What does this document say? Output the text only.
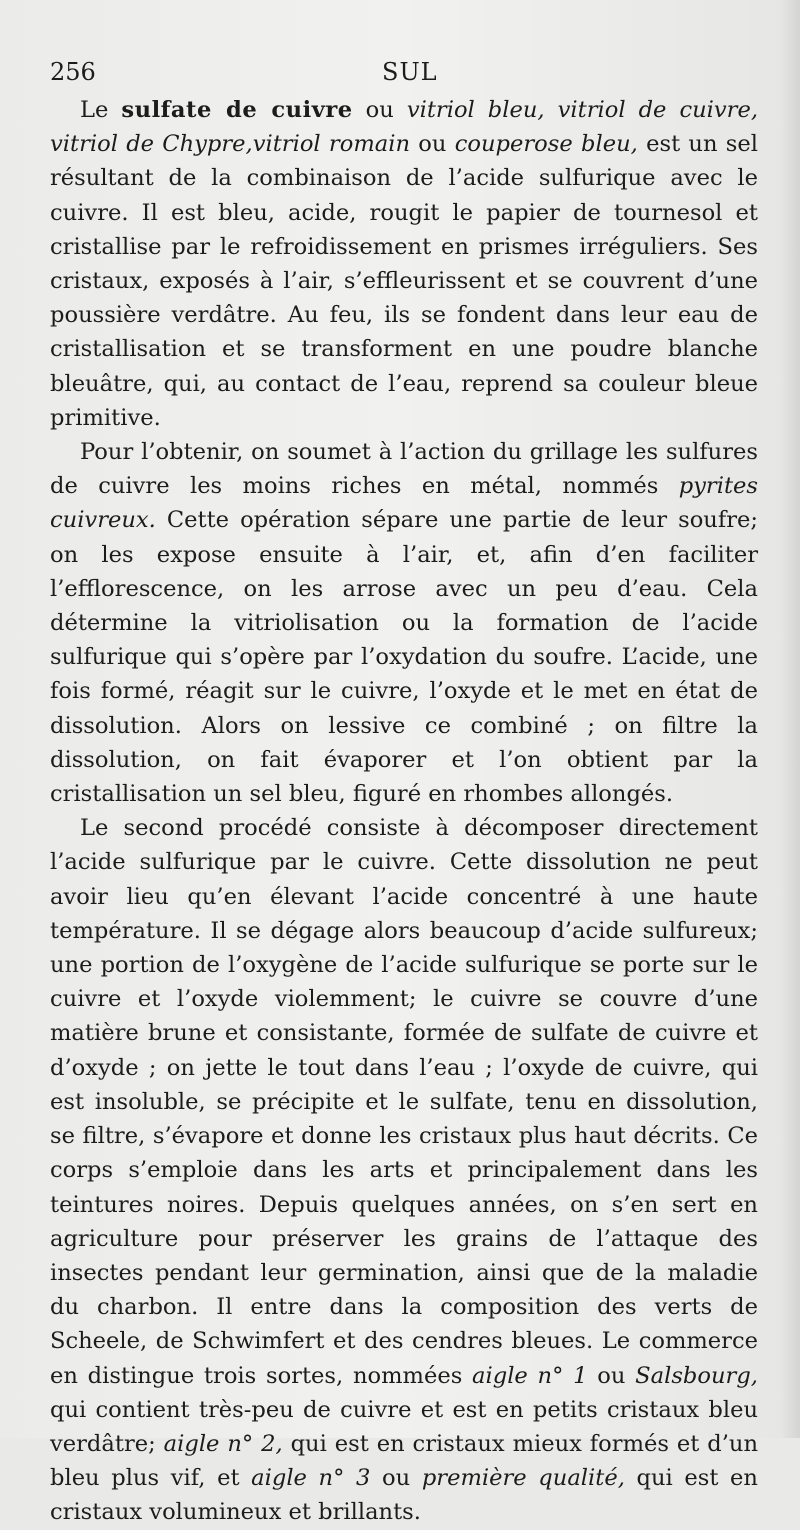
256	SUL

Le sulfate de cuivre ou vitriol bleu, vitriol de cuivre, vitriol de Chypre,vitriol romain ou couperose bleu, est un sel résultant de la combinaison de l’acide sulfurique avec le cuivre. Il est bleu, acide, rougit le papier de tournesol et cristallise par le refroidissement en prismes irréguliers. Ses cristaux, exposés à l’air, s’effleurissent et se couvrent d’une poussière verdâtre. Au feu, ils se fondent dans leur eau de cristallisation et se transforment en une poudre blanche bleuâtre, qui, au contact de l’eau, reprend sa couleur bleue primitive.

Pour l’obtenir, on soumet à l’action du grillage les sulfures de cuivre les moins riches en métal, nommés pyrites cuivreux. Cette opération sépare une partie de leur soufre; on les expose ensuite à l’air, et, afin d’en faciliter l’efflorescence, on les arrose avec un peu d’eau. Cela détermine la vitriolisation ou la formation de l’acide sulfurique qui s’opère par l’oxydation du soufre. L’acide, une fois formé, réagit sur le cuivre, l’oxyde et le met en état de dissolution. Alors on lessive ce combiné ; on filtre la dissolution, on fait évaporer et l’on obtient par la cristallisation un sel bleu, figuré en rhombes allongés.

Le second procédé consiste à décomposer directement l’acide sulfurique par le cuivre. Cette dissolution ne peut avoir lieu qu’en élevant l’acide concentré à une haute température. Il se dégage alors beaucoup d’acide sulfureux; une portion de l’oxygène de l’acide sulfurique se porte sur le cuivre et l’oxyde violemment; le cuivre se couvre d’une matière brune et consistante, formée de sulfate de cuivre et d’oxyde ; on jette le tout dans l’eau ; l’oxyde de cuivre, qui est insoluble, se précipite et le sulfate, tenu en dissolution, se filtre, s’évapore et donne les cristaux plus haut décrits. Ce corps s’emploie dans les arts et principalement dans les teintures noires. Depuis quelques années, on s’en sert en agriculture pour préserver les grains de l’attaque des insectes pendant leur germination, ainsi que de la maladie du charbon. Il entre dans la composition des verts de Scheele, de Schwimfert et des cendres bleues. Le commerce en distingue trois sortes, nommées aigle n° 1 ou Salsbourg, qui contient très-peu de cuivre et est en petits cristaux bleu verdâtre; aigle n° 2, qui est en cristaux mieux formés et d’un bleu plus vif, et aigle n° 3 ou première qualité, qui est en cristaux volumineux et brillants.
